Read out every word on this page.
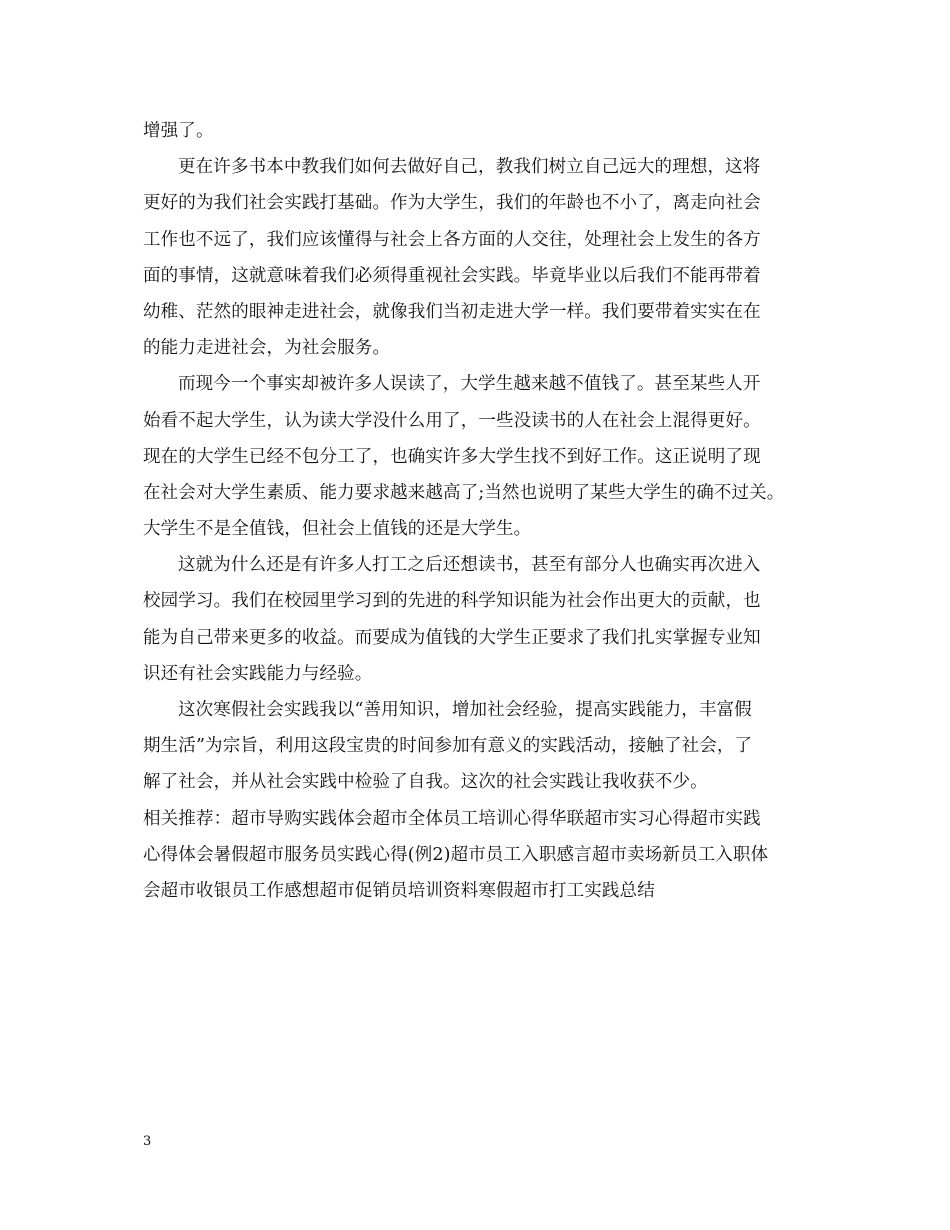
增强了。
更在许多书本中教我们如何去做好自己，教我们树立自己远大的理想，这将
更好的为我们社会实践打基础。作为大学生，我们的年龄也不小了，离走向社会
工作也不远了，我们应该懂得与社会上各方面的人交往，处理社会上发生的各方
面的事情，这就意味着我们必须得重视社会实践。毕竟毕业以后我们不能再带着
幼稚、茫然的眼神走进社会，就像我们当初走进大学一样。我们要带着实实在在
的能力走进社会，为社会服务。
而现今一个事实却被许多人误读了，大学生越来越不值钱了。甚至某些人开
始看不起大学生，认为读大学没什么用了，一些没读书的人在社会上混得更好。
现在的大学生已经不包分工了，也确实许多大学生找不到好工作。这正说明了现
在社会对大学生素质、能力要求越来越高了;当然也说明了某些大学生的确不过关。
大学生不是全值钱，但社会上值钱的还是大学生。
这就为什么还是有许多人打工之后还想读书，甚至有部分人也确实再次进入
校园学习。我们在校园里学习到的先进的科学知识能为社会作出更大的贡献，也
能为自己带来更多的收益。而要成为值钱的大学生正要求了我们扎实掌握专业知
识还有社会实践能力与经验。
这次寒假社会实践我以“善用知识，增加社会经验，提高实践能力，丰富假
期生活”为宗旨，利用这段宝贵的时间参加有意义的实践活动，接触了社会，了
解了社会，并从社会实践中检验了自我。这次的社会实践让我收获不少。
相关推荐：超市导购实践体会超市全体员工培训心得华联超市实习心得超市实践
心得体会暑假超市服务员实践心得(例2)超市员工入职感言超市卖场新员工入职体
会超市收银员工作感想超市促销员培训资料寒假超市打工实践总结
3
